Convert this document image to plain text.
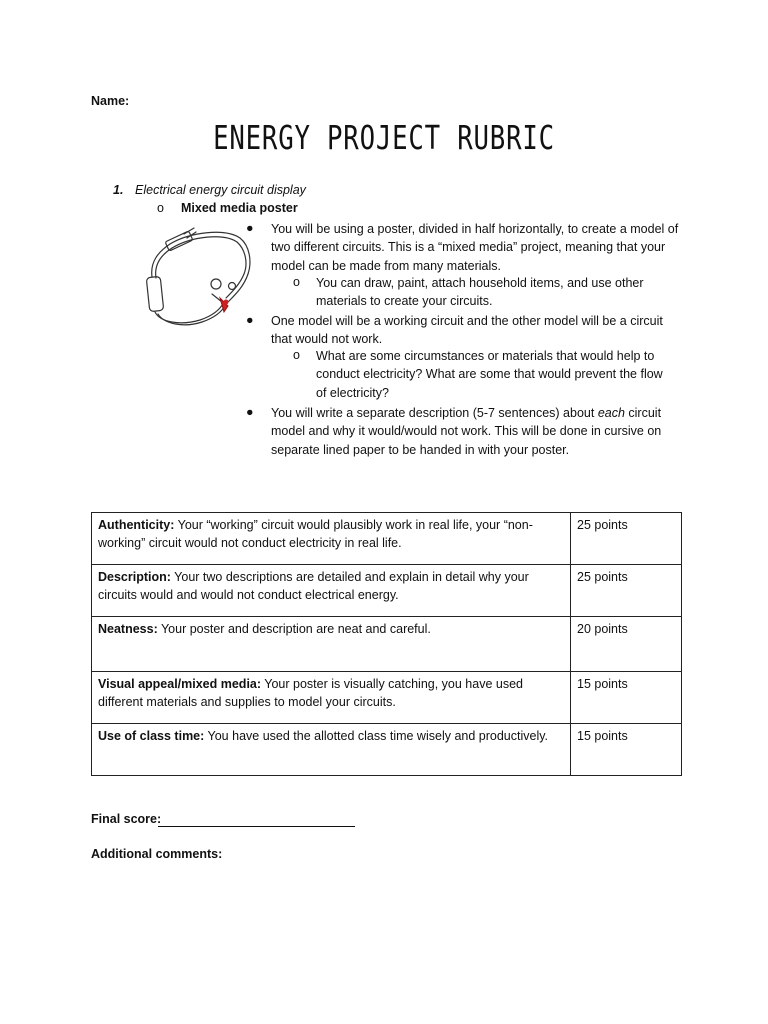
Name:
ENERGY PROJECT RUBRIC
1. Electrical energy circuit display
o Mixed media poster
● You will be using a poster, divided in half horizontally, to create a model of two different circuits. This is a “mixed media” project, meaning that your model can be made from many materials.
o You can draw, paint, attach household items, and use other materials to create your circuits.
● One model will be a working circuit and the other model will be a circuit that would not work.
o What are some circumstances or materials that would help to conduct electricity? What are some that would prevent the flow of electricity?
● You will write a separate description (5-7 sentences) about each circuit model and why it would/would not work. This will be done in cursive on separate lined paper to be handed in with your poster.
Authenticity: Your “working” circuit would plausibly work in real life, your “non-working” circuit would not conduct electricity in real life.	25 points
Description: Your two descriptions are detailed and explain in detail why your circuits would and would not conduct electrical energy.	25 points
Neatness: Your poster and description are neat and careful.	20 points
Visual appeal/mixed media: Your poster is visually catching, you have used different materials and supplies to model your circuits.	15 points
Use of class time: You have used the allotted class time wisely and productively.	15 points
Final score:
Additional comments:
